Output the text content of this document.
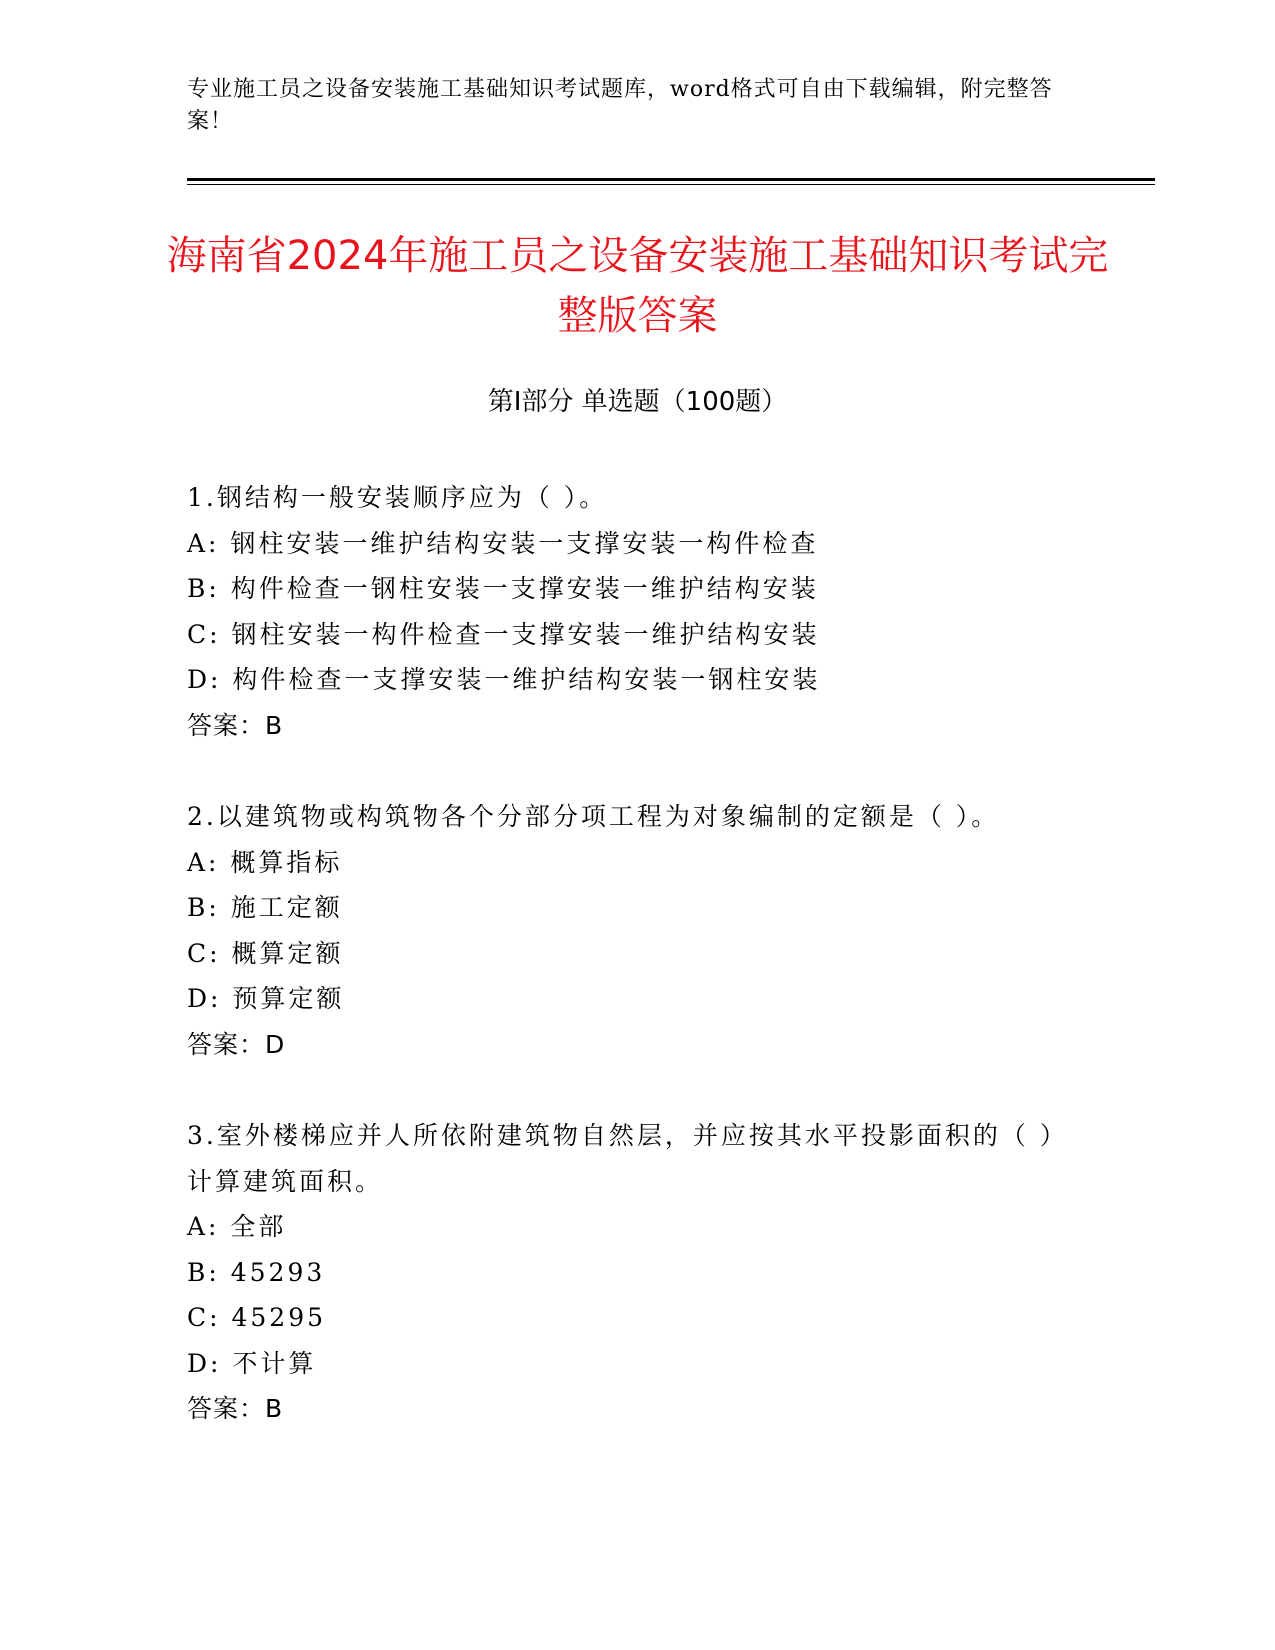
专业施工员之设备安装施工基础知识考试题库，word格式可自由下载编辑，附完整答案！
海南省2024年施工员之设备安装施工基础知识考试完整版答案
第Ⅰ部分 单选题（100题）
1.钢结构一般安装顺序应为（ ）。
A: 钢柱安装一维护结构安装一支撑安装一构件检查
B: 构件检查一钢柱安装一支撑安装一维护结构安装
C: 钢柱安装一构件检查一支撑安装一维护结构安装
D: 构件检查一支撑安装一维护结构安装一钢柱安装
答案：B
2.以建筑物或构筑物各个分部分项工程为对象编制的定额是（ ）。
A: 概算指标
B: 施工定额
C: 概算定额
D: 预算定额
答案：D
3.室外楼梯应并人所依附建筑物自然层，并应按其水平投影面积的（ ）计算建筑面积。
A: 全部
B: 45293
C: 45295
D: 不计算
答案：B
